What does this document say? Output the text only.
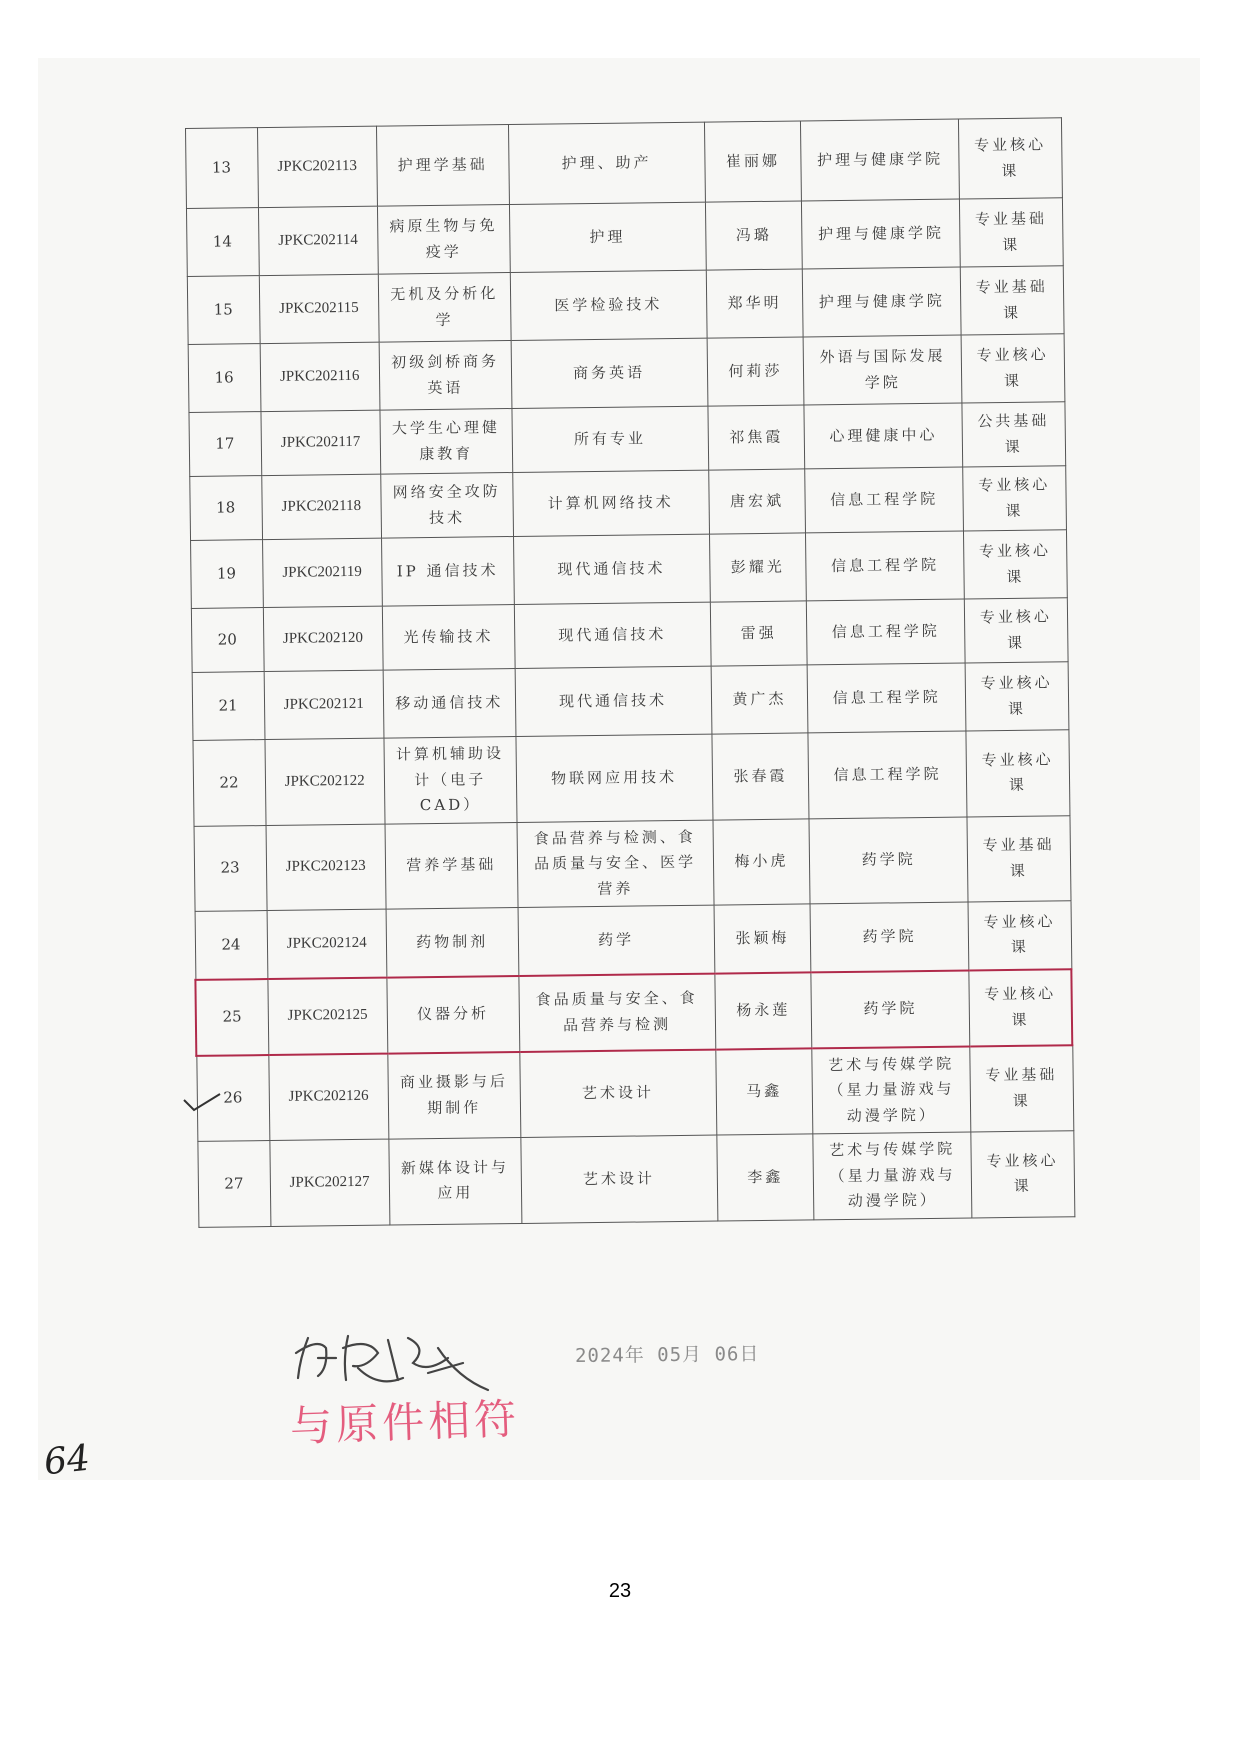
13	JPKC202113	护理学基础	护理、助产	崔丽娜	护理与健康学院	专业核心课
14	JPKC202114	病原生物与免疫学	护理	冯璐	护理与健康学院	专业基础课
15	JPKC202115	无机及分析化学	医学检验技术	郑华明	护理与健康学院	专业基础课
16	JPKC202116	初级剑桥商务英语	商务英语	何莉莎	外语与国际发展学院	专业核心课
17	JPKC202117	大学生心理健康教育	所有专业	祁焦霞	心理健康中心	公共基础课
18	JPKC202118	网络安全攻防技术	计算机网络技术	唐宏斌	信息工程学院	专业核心课
19	JPKC202119	IP 通信技术	现代通信技术	彭耀光	信息工程学院	专业核心课
20	JPKC202120	光传输技术	现代通信技术	雷强	信息工程学院	专业核心课
21	JPKC202121	移动通信技术	现代通信技术	黄广杰	信息工程学院	专业核心课
22	JPKC202122	计算机辅助设计（电子CAD）	物联网应用技术	张春霞	信息工程学院	专业核心课
23	JPKC202123	营养学基础	食品营养与检测、食品质量与安全、医学营养	梅小虎	药学院	专业基础课
24	JPKC202124	药物制剂	药学	张颖梅	药学院	专业核心课
25	JPKC202125	仪器分析	食品质量与安全、食品营养与检测	杨永莲	药学院	专业核心课
26	JPKC202126	商业摄影与后期制作	艺术设计	马鑫	艺术与传媒学院（星力量游戏与动漫学院）	专业基础课
27	JPKC202127	新媒体设计与应用	艺术设计	李鑫	艺术与传媒学院（星力量游戏与动漫学院）	专业核心课
2024年 05月 06日
与原件相符
64
23
